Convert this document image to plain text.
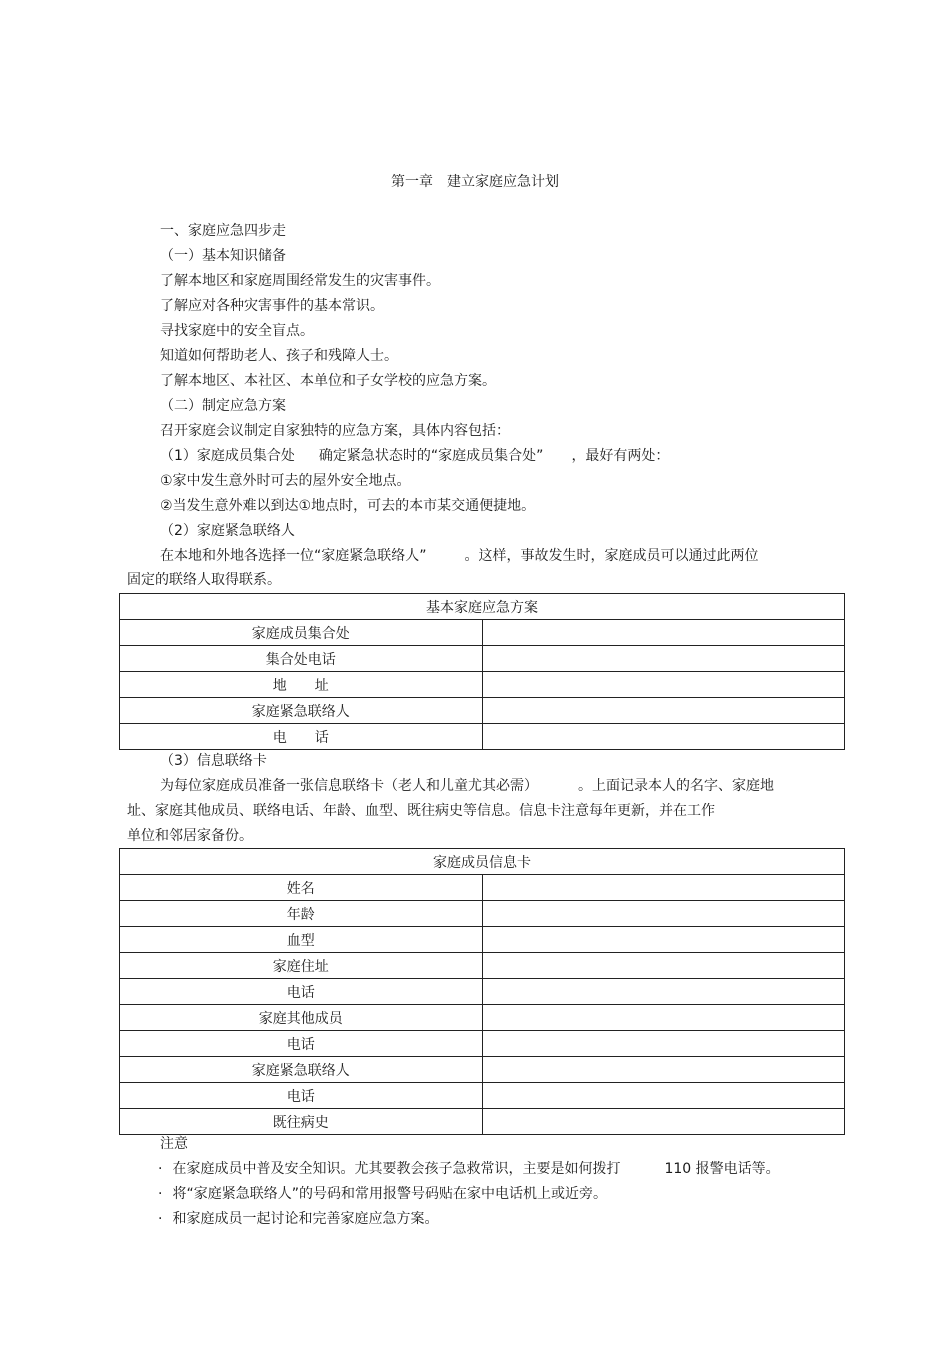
第一章　建立家庭应急计划
一、家庭应急四步走
（一）基本知识储备
了解本地区和家庭周围经常发生的灾害事件。
了解应对各种灾害事件的基本常识。
寻找家庭中的安全盲点。
知道如何帮助老人、孩子和残障人士。
了解本地区、本社区、本单位和子女学校的应急方案。
（二）制定应急方案
召开家庭会议制定自家独特的应急方案，具体内容包括：
（1）家庭成员集合处 确定紧急状态时的“家庭成员集合处” ，最好有两处：
①家中发生意外时可去的屋外安全地点。
②当发生意外难以到达①地点时，可去的本市某交通便捷地。
（2）家庭紧急联络人
在本地和外地各选择一位“家庭紧急联络人”	。这样，事故发生时，家庭成员可以通过此两位
固定的联络人取得联系。
基本家庭应急方案	
家庭成员集合处	
集合处电话	
地　　址	
家庭紧急联络人	
电　　话	
（3）信息联络卡
为每位家庭成员准备一张信息联络卡（老人和儿童尤其必需）	。上面记录本人的名字、家庭地
址、家庭其他成员、联络电话、年龄、血型、既往病史等信息。信息卡注意每年更新，并在工作
单位和邻居家备份。
家庭成员信息卡	
姓名	
年龄	
血型	
家庭住址	
电话	
家庭其他成员	
电话	
家庭紧急联络人	
电话	
既往病史	
注意
· 在家庭成员中普及安全知识。尤其要教会孩子急救常识，主要是如何拨打	110 报警电话等。
· 将“家庭紧急联络人”的号码和常用报警号码贴在家中电话机上或近旁。
· 和家庭成员一起讨论和完善家庭应急方案。
